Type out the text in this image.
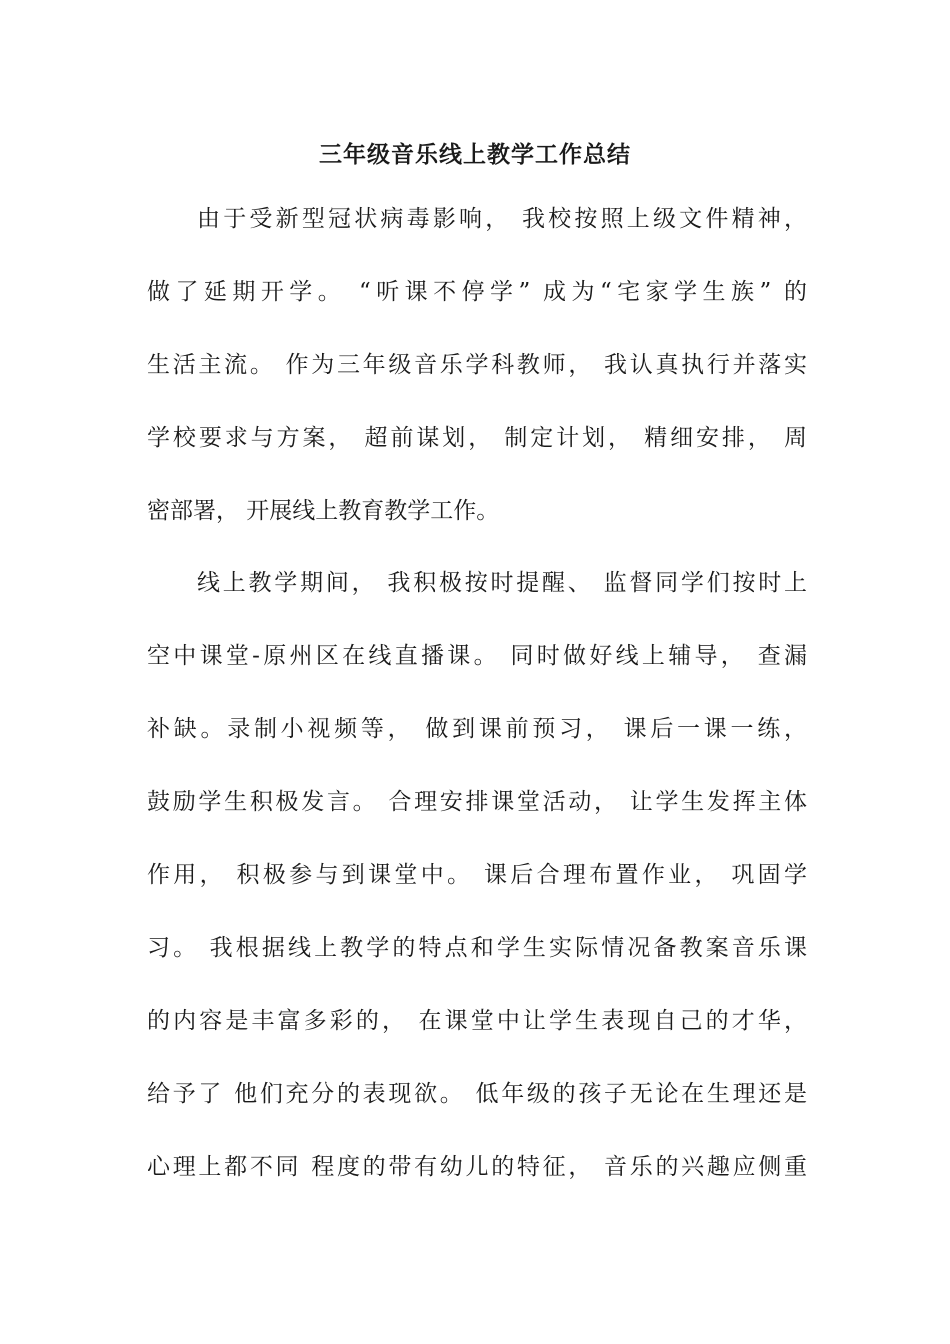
三年级音乐线上教学工作总结
由于受新型冠状病毒影响， 我校按照上级文件精神，
做了延期开学。 “听课不停学” 成为“宅家学生族” 的
生活主流。 作为三年级音乐学科教师， 我认真执行并落实
学校要求与方案， 超前谋划， 制定计划， 精细安排， 周
密部署， 开展线上教育教学工作。
线上教学期间， 我积极按时提醒、 监督同学们按时上
空中课堂-原州区在线直播课。 同时做好线上辅导， 查漏
补缺。录制小视频等， 做到课前预习， 课后一课一练，
鼓励学生积极发言。 合理安排课堂活动， 让学生发挥主体
作用， 积极参与到课堂中。 课后合理布置作业， 巩固学
习。 我根据线上教学的特点和学生实际情况备教案音乐课
的内容是丰富多彩的， 在课堂中让学生表现自己的才华，
给予了 他们充分的表现欲。 低年级的孩子无论在生理还是
心理上都不同 程度的带有幼儿的特征， 音乐的兴趣应侧重
